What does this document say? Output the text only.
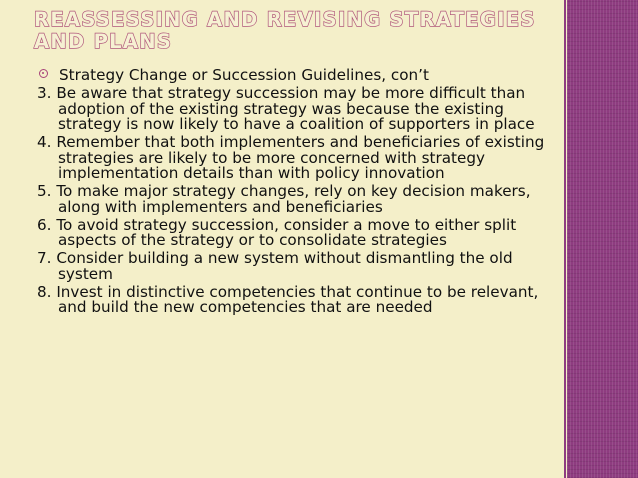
REASSESSING AND REVISING STRATEGIES AND PLANS
Strategy Change or Succession Guidelines, con’t
3. Be aware that strategy succession may be more difficult than adoption of the existing strategy was because the existing strategy is now likely to have a coalition of supporters in place
4. Remember that both implementers and beneficiaries of existing strategies are likely to be more concerned with strategy implementation details than with policy innovation
5. To make major strategy changes, rely on key decision makers, along with implementers and beneficiaries
6. To avoid strategy succession, consider a move to either split aspects of the strategy or to consolidate strategies
7. Consider building a new system without dismantling the old system
8. Invest in distinctive competencies that continue to be relevant, and build the new competencies that are needed
